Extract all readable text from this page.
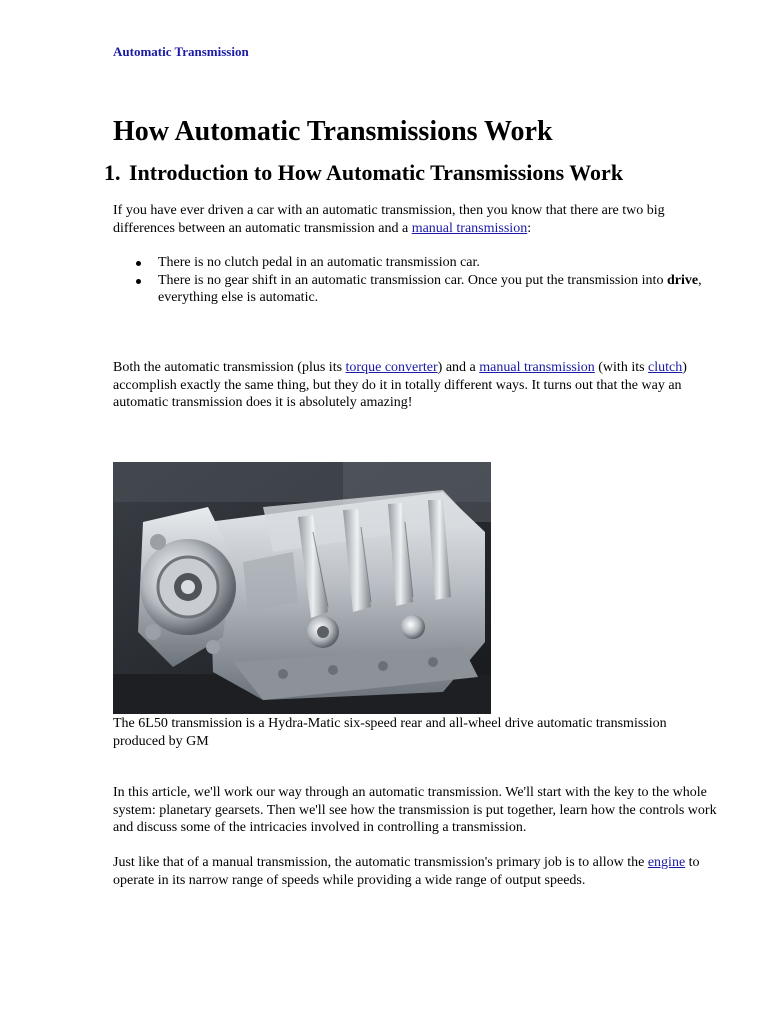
Automatic Transmission
How Automatic Transmissions Work
1. Introduction to How Automatic Transmissions Work

If you have ever driven a car with an automatic transmission, then you know that there are two big differences between an automatic transmission and a manual transmission:

There is no clutch pedal in an automatic transmission car.
There is no gear shift in an automatic transmission car. Once you put the transmission into drive, everything else is automatic.

Both the automatic transmission (plus its torque converter) and a manual transmission (with its clutch) accomplish exactly the same thing, but they do it in totally different ways. It turns out that the way an automatic transmission does it is absolutely amazing!

The 6L50 transmission is a Hydra-Matic six-speed rear and all-wheel drive automatic transmission produced by GM

In this article, we'll work our way through an automatic transmission. We'll start with the key to the whole system: planetary gearsets. Then we'll see how the transmission is put together, learn how the controls work and discuss some of the intricacies involved in controlling a transmission.

Just like that of a manual transmission, the automatic transmission's primary job is to allow the engine to operate in its narrow range of speeds while providing a wide range of output speeds.
